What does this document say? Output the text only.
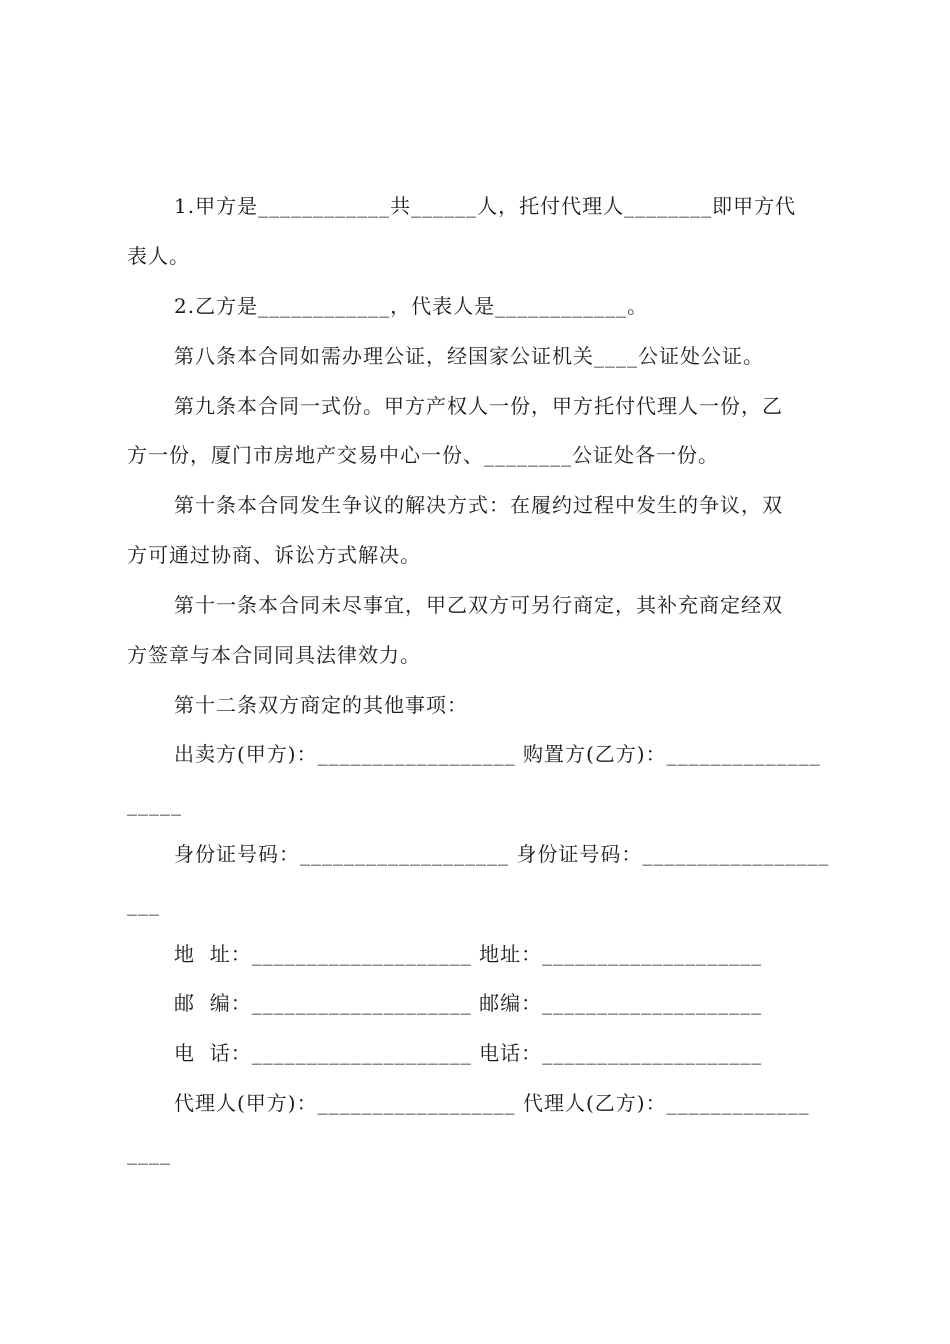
1.甲方是____________共______人，托付代理人________即甲方代
表人。
2.乙方是____________，代表人是____________。
第八条本合同如需办理公证，经国家公证机关____公证处公证。
第九条本合同一式份。甲方产权人一份，甲方托付代理人一份，乙
方一份，厦门市房地产交易中心一份、________公证处各一份。
第十条本合同发生争议的解决方式：在履约过程中发生的争议，双
方可通过协商、诉讼方式解决。
第十一条本合同未尽事宜，甲乙双方可另行商定，其补充商定经双
方签章与本合同同具法律效力。
第十二条双方商定的其他事项：
出卖方(甲方)：__________________ 购置方(乙方)：______________
_____
身份证号码：___________________ 身份证号码：_________________
___
地  址：____________________ 地址：____________________
邮  编：____________________ 邮编：____________________
电  话：____________________ 电话：____________________
代理人(甲方)：__________________ 代理人(乙方)：_____________
____
